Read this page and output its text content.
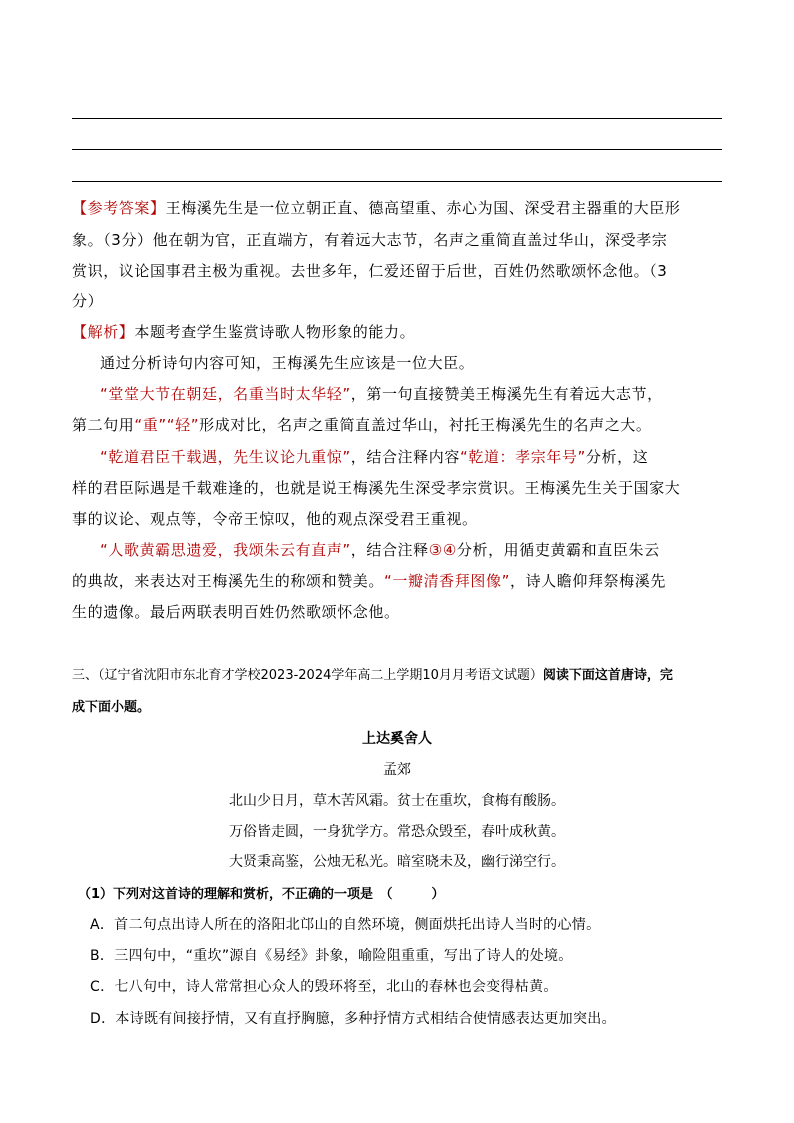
【参考答案】王梅溪先生是一位立朝正直、德高望重、赤心为国、深受君主器重的大臣形
象。（3分）他在朝为官，正直端方，有着远大志节，名声之重简直盖过华山，深受孝宗
赏识，议论国事君主极为重视。去世多年，仁爱还留于后世，百姓仍然歌颂怀念他。（3
分）
【解析】本题考查学生鉴赏诗歌人物形象的能力。
通过分析诗句内容可知，王梅溪先生应该是一位大臣。
“堂堂大节在朝廷，名重当时太华轻”，第一句直接赞美王梅溪先生有着远大志节，
第二句用“重”“轻”形成对比，名声之重简直盖过华山，衬托王梅溪先生的名声之大。
“乾道君臣千载遇，先生议论九重惊”，结合注释内容“乾道：孝宗年号”分析，这
样的君臣际遇是千载难逢的，也就是说王梅溪先生深受孝宗赏识。王梅溪先生关于国家大
事的议论、观点等，令帝王惊叹，他的观点深受君王重视。
“人歌黄霸思遗爱，我颂朱云有直声”，结合注释③④分析，用循吏黄霸和直臣朱云
的典故，来表达对王梅溪先生的称颂和赞美。“一瓣清香拜图像”，诗人瞻仰拜祭梅溪先
生的遗像。最后两联表明百姓仍然歌颂怀念他。
三、（辽宁省沈阳市东北育才学校2023-2024学年高二上学期10月月考语文试题）阅读下面这首唐诗，完
成下面小题。
上达奚舍人
孟郊
北山少日月，草木苦风霜。贫士在重坎，食梅有酸肠。
万俗皆走圆，一身犹学方。常恐众毁至，春叶成秋黄。
大贤秉高鉴，公烛无私光。暗室晓未及，幽行涕空行。
（1）下列对这首诗的理解和赏析，不正确的一项是　（　　　）
A．首二句点出诗人所在的洛阳北邙山的自然环境，侧面烘托出诗人当时的心情。
B．三四句中，“重坎”源自《易经》卦象，喻险阻重重，写出了诗人的处境。
C．七八句中，诗人常常担心众人的毁环将至，北山的春林也会变得枯黄。
D．本诗既有间接抒情，又有直抒胸臆，多种抒情方式相结合使情感表达更加突出。
